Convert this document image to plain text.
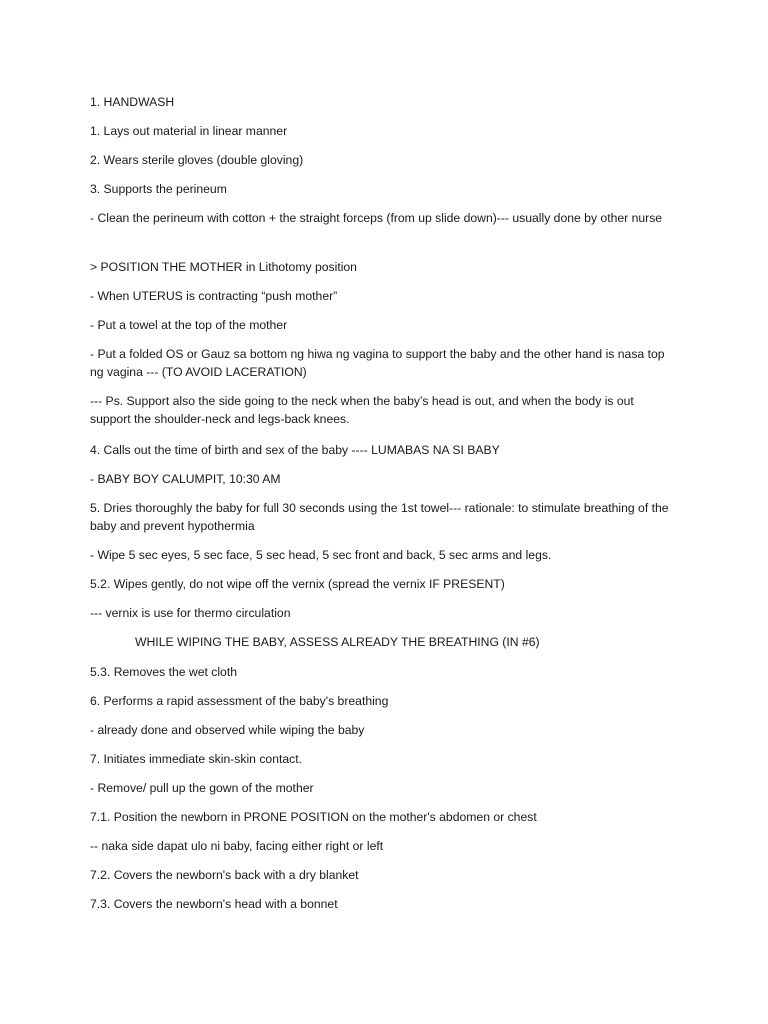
1. HANDWASH
1. Lays out material in linear manner
2. Wears sterile gloves (double gloving)
3. Supports the perineum
- Clean the perineum with cotton + the straight forceps (from up slide down)--- usually done by other nurse
> POSITION THE MOTHER in Lithotomy position
- When UTERUS is contracting “push mother”
- Put a towel at the top of the mother
- Put a folded OS or Gauz sa bottom ng hiwa ng vagina to support the baby and the other hand is nasa top ng vagina --- (TO AVOID LACERATION)
--- Ps. Support also the side going to the neck when the baby’s head is out, and when the body is out support the shoulder-neck and legs-back knees.
4. Calls out the time of birth and sex of the baby ---- LUMABAS NA SI BABY
- BABY BOY CALUMPIT, 10:30 AM
5. Dries thoroughly the baby for full 30 seconds using the 1st towel--- rationale: to stimulate breathing of the baby and prevent hypothermia
- Wipe 5 sec eyes, 5 sec face, 5 sec head, 5 sec front and back, 5 sec arms and legs.
5.2. Wipes gently, do not wipe off the vernix (spread the vernix IF PRESENT)
--- vernix is use for thermo circulation
WHILE WIPING THE BABY, ASSESS ALREADY THE BREATHING (IN #6)
5.3. Removes the wet cloth
6. Performs a rapid assessment of the baby's breathing
- already done and observed while wiping the baby
7. Initiates immediate skin-skin contact.
- Remove/ pull up the gown of the mother
7.1. Position the newborn in PRONE POSITION on the mother's abdomen or chest
-- naka side dapat ulo ni baby, facing either right or left
7.2. Covers the newborn's back with a dry blanket
7.3. Covers the newborn's head with a bonnet
